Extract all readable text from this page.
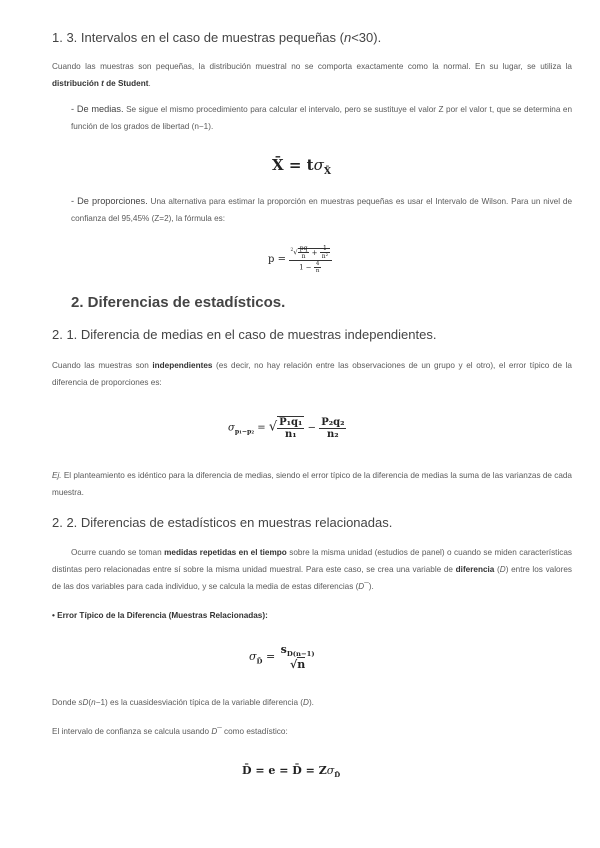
1. 3. Intervalos en el caso de muestras pequeñas (n<30).
Cuando las muestras son pequeñas, la distribución muestral no se comporta exactamente como la normal. En su lugar, se utiliza la distribución t de Student.
- De medias. Se sigue el mismo procedimiento para calcular el intervalo, pero se sustituye el valor Z por el valor t, que se determina en función de los grados de libertad (n−1).
X̄ = $t\sigma_{X̄}$
- De proporciones. Una alternativa para estimar la proporción en muestras pequeñas es usar el Intervalo de Wilson. Para un nivel de confianza del 95,45% (Z=2), la fórmula es:
$p = \frac{^2√ \frac{pq}{n} + \frac{1}{\text{n²}}}{1 - \frac{4}{n}}$
2. Diferencias de estadísticos.
2. 1. Diferencia de medias en el caso de muestras independientes.
Cuando las muestras son independientes (es decir, no hay relación entre las observaciones de un grupo y el otro), el error típico de la diferencia de proporciones es:
$\sigma_{p_1-p_2}$ = √ $\frac{\text{P₁q₁}}{\text{n₁}} - \frac{\text{P₂q₂}}{\text{n₂}}$
Ej. El planteamiento es idéntico para la diferencia de medias, siendo el error típico de la diferencia de medias la suma de las varianzas de cada muestra.
2. 2. Diferencias de estadísticos en muestras relacionadas.
Ocurre cuando se toman medidas repetidas en el tiempo sobre la misma unidad (estudios de panel) o cuando se miden características distintas pero relacionadas entre sí sobre la misma unidad muestral. Para este caso, se crea una variable de diferencia (D) entre los valores de las dos variables para cada individuo, y se calcula la media de estas diferencias (D¯).
• Error Típico de la Diferencia (Muestras Relacionadas):
$\sigma_{D̄}$ =
$s_{D(n-1)}$
√n
Donde sD(n−1) es la cuasidesviación típica de la variable diferencia (D).
El intervalo de confianza se calcula usando D¯ como estadístico:
D̄ = e = D̄ = $Z\sigma_{D̄}$
